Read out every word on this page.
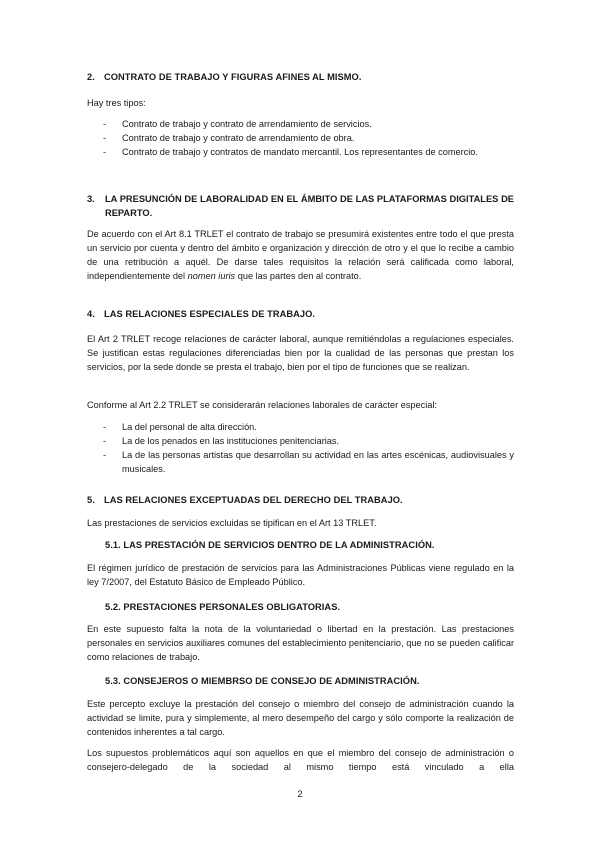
2. CONTRATO DE TRABAJO Y FIGURAS AFINES AL MISMO.
Hay tres tipos:
- Contrato de trabajo y contrato de arrendamiento de servicios.
- Contrato de trabajo y contrato de arrendamiento de obra.
- Contrato de trabajo y contratos de mandato mercantil. Los representantes de comercio.
3. LA PRESUNCIÓN DE LABORALIDAD EN EL ÁMBITO DE LAS PLATAFORMAS DIGITALES DE REPARTO.
De acuerdo con el Art 8.1 TRLET el contrato de trabajo se presumirá existentes entre todo el que presta un servicio por cuenta y dentro del ámbito e organización y dirección de otro y el que lo recibe a cambio de una retribución a aquél. De darse tales requisitos la relación será calificada como laboral, independientemente del nomen iuris que las partes den al contrato.
4. LAS RELACIONES ESPECIALES DE TRABAJO.
El Art 2 TRLET recoge relaciones de carácter laboral, aunque remitiéndolas a regulaciones especiales. Se justifican estas regulaciones diferenciadas bien por la cualidad de las personas que prestan los servicios, por la sede donde se presta el trabajo, bien por el tipo de funciones que se realizan.
Conforme al Art 2.2 TRLET se considerarán relaciones laborales de carácter especial:
- La del personal de alta dirección.
- La de los penados en las instituciones penitenciarias.
- La de las personas artistas que desarrollan su actividad en las artes escénicas, audiovisuales y musicales.
5. LAS RELACIONES EXCEPTUADAS DEL DERECHO DEL TRABAJO.
Las prestaciones de servicios excluidas se tipifican en el Art 13 TRLET.
5.1. LAS PRESTACIÓN DE SERVICIOS DENTRO DE LA ADMINISTRACIÓN.
El régimen jurídico de prestación de servicios para las Administraciones Públicas viene regulado en la ley 7/2007, del Estatuto Básico de Empleado Público.
5.2. PRESTACIONES PERSONALES OBLIGATORIAS.
En este supuesto falta la nota de la voluntariedad o libertad en la prestación. Las prestaciones personales en servicios auxiliares comunes del establecimiento penitenciario, que no se pueden calificar como relaciones de trabajo.
5.3. CONSEJEROS O MIEMBRSO DE CONSEJO DE ADMINISTRACIÓN.
Este percepto excluye la prestación del consejo o miembro del consejo de administración cuando la actividad se limite, pura y simplemente, al mero desempeño del cargo y sólo comporte la realización de contenidos inherentes a tal cargo.
Los supuestos problemáticos aquí son aquellos en que el miembro del consejo de administración o consejero-delegado de la sociedad al mismo tiempo está vinculado a ella
2
